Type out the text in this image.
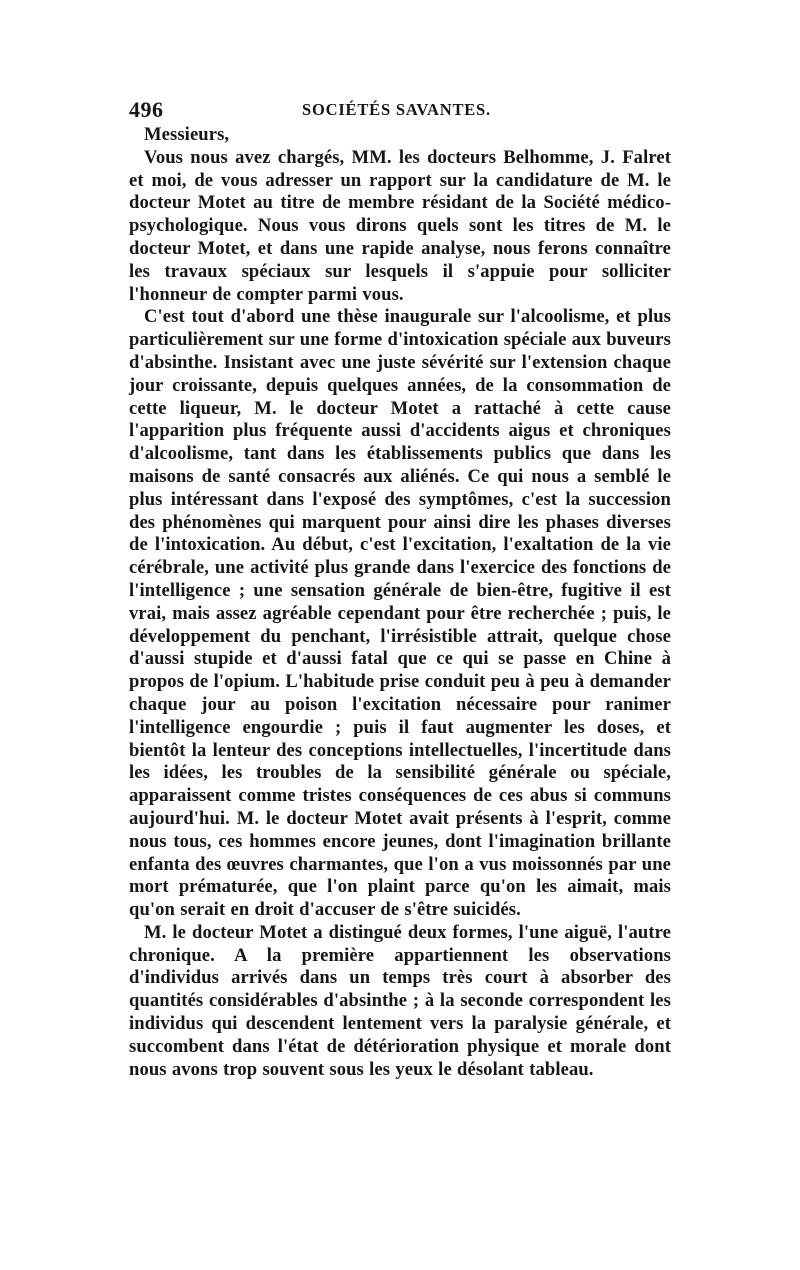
496	SOCIÉTÉS SAVANTES.

Messieurs,

Vous nous avez chargés, MM. les docteurs Belhomme, J. Falret et moi, de vous adresser un rapport sur la candidature de M. le docteur Motet au titre de membre résidant de la Société médico-psychologique. Nous vous dirons quels sont les titres de M. le docteur Motet, et dans une rapide analyse, nous ferons connaître les travaux spéciaux sur lesquels il s'appuie pour solliciter l'honneur de compter parmi vous.

C'est tout d'abord une thèse inaugurale sur l'alcoolisme, et plus particulièrement sur une forme d'intoxication spéciale aux buveurs d'absinthe. Insistant avec une juste sévérité sur l'extension chaque jour croissante, depuis quelques années, de la consommation de cette liqueur, M. le docteur Motet a rattaché à cette cause l'apparition plus fréquente aussi d'accidents aigus et chroniques d'alcoolisme, tant dans les établissements publics que dans les maisons de santé consacrés aux aliénés. Ce qui nous a semblé le plus intéressant dans l'exposé des symptômes, c'est la succession des phénomènes qui marquent pour ainsi dire les phases diverses de l'intoxication. Au début, c'est l'excitation, l'exaltation de la vie cérébrale, une activité plus grande dans l'exercice des fonctions de l'intelligence ; une sensation générale de bien-être, fugitive il est vrai, mais assez agréable cependant pour être recherchée ; puis, le développement du penchant, l'irrésistible attrait, quelque chose d'aussi stupide et d'aussi fatal que ce qui se passe en Chine à propos de l'opium. L'habitude prise conduit peu à peu à demander chaque jour au poison l'excitation nécessaire pour ranimer l'intelligence engourdie ; puis il faut augmenter les doses, et bientôt la lenteur des conceptions intellectuelles, l'incertitude dans les idées, les troubles de la sensibilité générale ou spéciale, apparaissent comme tristes conséquences de ces abus si communs aujourd'hui. M. le docteur Motet avait présents à l'esprit, comme nous tous, ces hommes encore jeunes, dont l'imagination brillante enfanta des œuvres charmantes, que l'on a vus moissonnés par une mort prématurée, que l'on plaint parce qu'on les aimait, mais qu'on serait en droit d'accuser de s'être suicidés.

M. le docteur Motet a distingué deux formes, l'une aiguë, l'autre chronique. A la première appartiennent les observations d'individus arrivés dans un temps très court à absorber des quantités considérables d'absinthe ; à la seconde correspondent les individus qui descendent lentement vers la paralysie générale, et succombent dans l'état de détérioration physique et morale dont nous avons trop souvent sous les yeux le désolant tableau.
